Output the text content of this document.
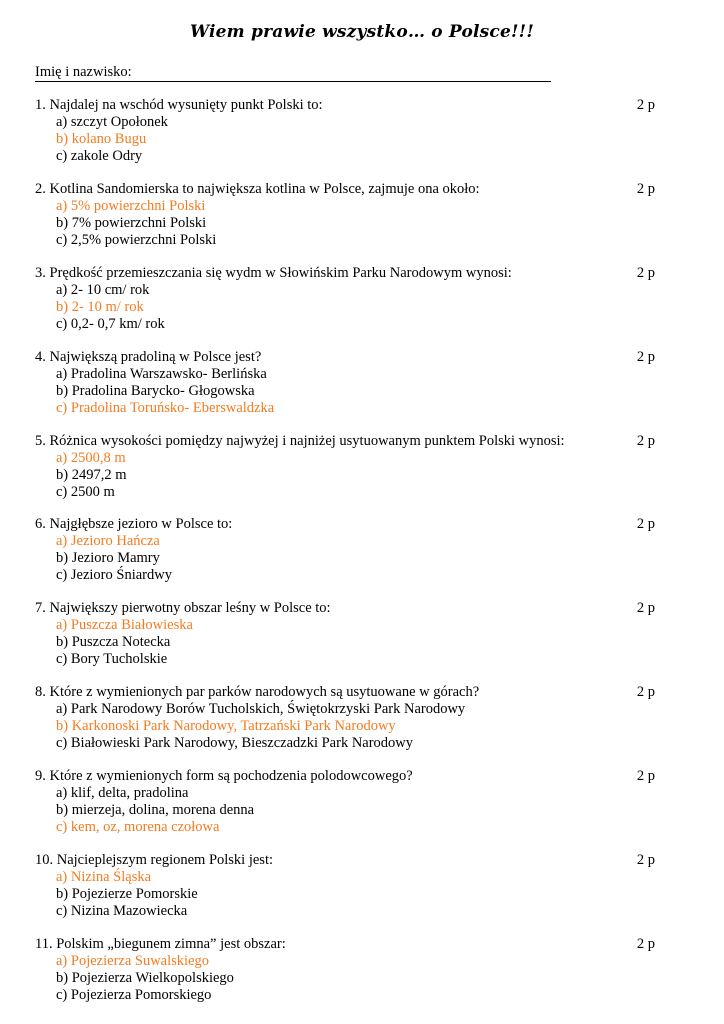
Wiem prawie wszystko… o Polsce!!!
Imię i nazwisko:
1. Najdalej na wschód wysunięty punkt Polski to:	2 p
a) szczyt Opołonek
b) kolano Bugu
c) zakole Odry
2. Kotlina Sandomierska to największa kotlina w Polsce, zajmuje ona około:	2 p
a) 5% powierzchni Polski
b) 7% powierzchni Polski
c) 2,5% powierzchni Polski
3. Prędkość przemieszczania się wydm w Słowińskim Parku Narodowym wynosi:	2 p
a) 2- 10 cm/ rok
b) 2- 10 m/ rok
c) 0,2- 0,7 km/ rok
4. Największą pradoliną w Polsce jest?	2 p
a) Pradolina Warszawsko- Berlińska
b) Pradolina Barycko- Głogowska
c) Pradolina Toruńsko- Eberswaldzka
5. Różnica wysokości pomiędzy najwyżej i najniżej usytuowanym punktem Polski wynosi:	2 p
a) 2500,8 m
b) 2497,2 m
c) 2500 m
6. Najgłębsze jezioro w Polsce to:	2 p
a) Jezioro Hańcza
b) Jezioro Mamry
c) Jezioro Śniardwy
7. Największy pierwotny obszar leśny w Polsce to:	2 p
a) Puszcza Białowieska
b) Puszcza Notecka
c) Bory Tucholskie
8. Które z wymienionych par parków narodowych są usytuowane w górach?	2 p
a) Park Narodowy Borów Tucholskich, Świętokrzyski Park Narodowy
b) Karkonoski Park Narodowy, Tatrzański Park Narodowy
c) Białowieski Park Narodowy, Bieszczadzki Park Narodowy
9. Które z wymienionych form są pochodzenia polodowcowego?	2 p
a) klif, delta, pradolina
b) mierzeja, dolina, morena denna
c) kem, oz, morena czołowa
10. Najcieplejszym regionem Polski jest:	2 p
a) Nizina Śląska
b) Pojezierze Pomorskie
c) Nizina Mazowiecka
11. Polskim „biegunem zimna” jest obszar:	2 p
a) Pojezierza Suwalskiego
b) Pojezierza Wielkopolskiego
c) Pojezierza Pomorskiego
